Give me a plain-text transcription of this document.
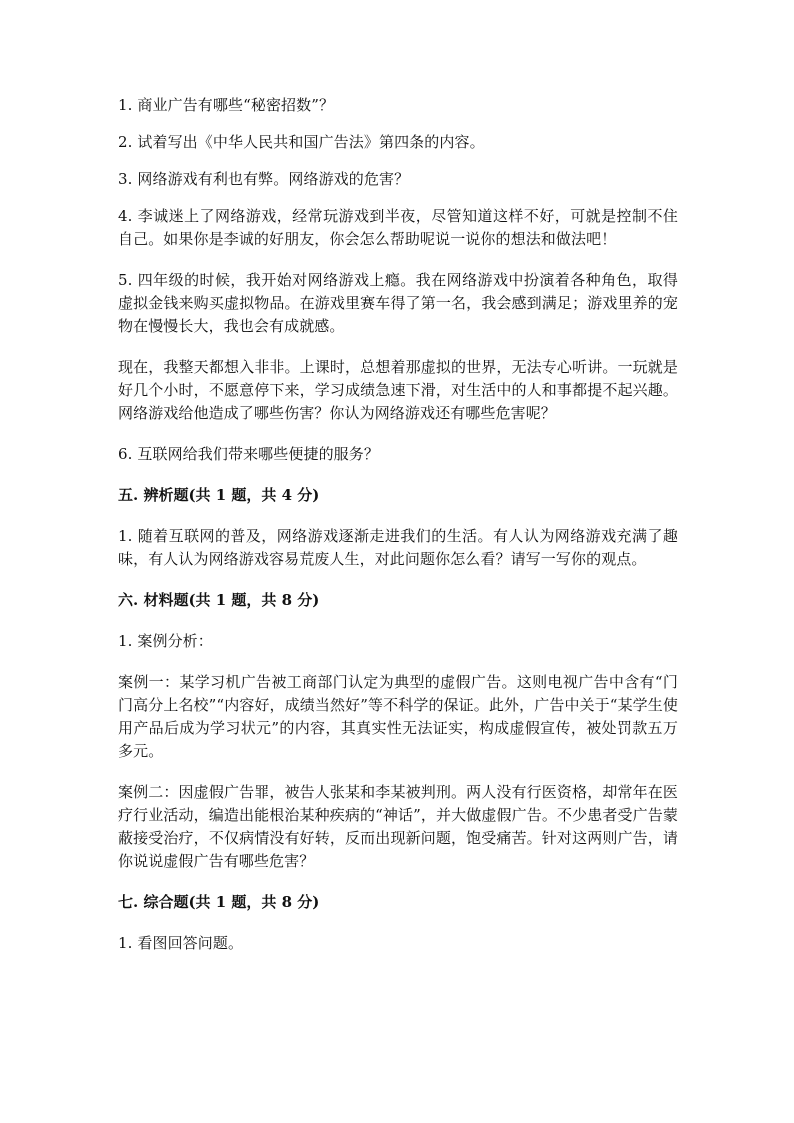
1. 商业广告有哪些“秘密招数”？

2. 试着写出《中华人民共和国广告法》第四条的内容。

3. 网络游戏有利也有弊。网络游戏的危害？

4. 李诚迷上了网络游戏，经常玩游戏到半夜，尽管知道这样不好，可就是控制不住自己。如果你是李诚的好朋友，你会怎么帮助呢说一说你的想法和做法吧！

5. 四年级的时候，我开始对网络游戏上瘾。我在网络游戏中扮演着各种角色，取得虚拟金钱来购买虚拟物品。在游戏里赛车得了第一名，我会感到满足；游戏里养的宠物在慢慢长大，我也会有成就感。

现在，我整天都想入非非。上课时，总想着那虚拟的世界，无法专心听讲。一玩就是好几个小时，不愿意停下来，学习成绩急速下滑，对生活中的人和事都提不起兴趣。网络游戏给他造成了哪些伤害？你认为网络游戏还有哪些危害呢？

6. 互联网给我们带来哪些便捷的服务？

五. 辨析题(共 1 题，共 4 分)

1. 随着互联网的普及，网络游戏逐渐走进我们的生活。有人认为网络游戏充满了趣味，有人认为网络游戏容易荒废人生，对此问题你怎么看？请写一写你的观点。

六. 材料题(共 1 题，共 8 分)

1. 案例分析：

案例一：某学习机广告被工商部门认定为典型的虚假广告。这则电视广告中含有“门门高分上名校”“内容好，成绩当然好”等不科学的保证。此外，广告中关于“某学生使用产品后成为学习状元”的内容，其真实性无法证实，构成虚假宣传，被处罚款五万多元。

案例二：因虚假广告罪，被告人张某和李某被判刑。两人没有行医资格，却常年在医疗行业活动，编造出能根治某种疾病的“神话”，并大做虚假广告。不少患者受广告蒙蔽接受治疗，不仅病情没有好转，反而出现新问题，饱受痛苦。针对这两则广告，请你说说虚假广告有哪些危害？

七. 综合题(共 1 题，共 8 分)

1. 看图回答问题。
